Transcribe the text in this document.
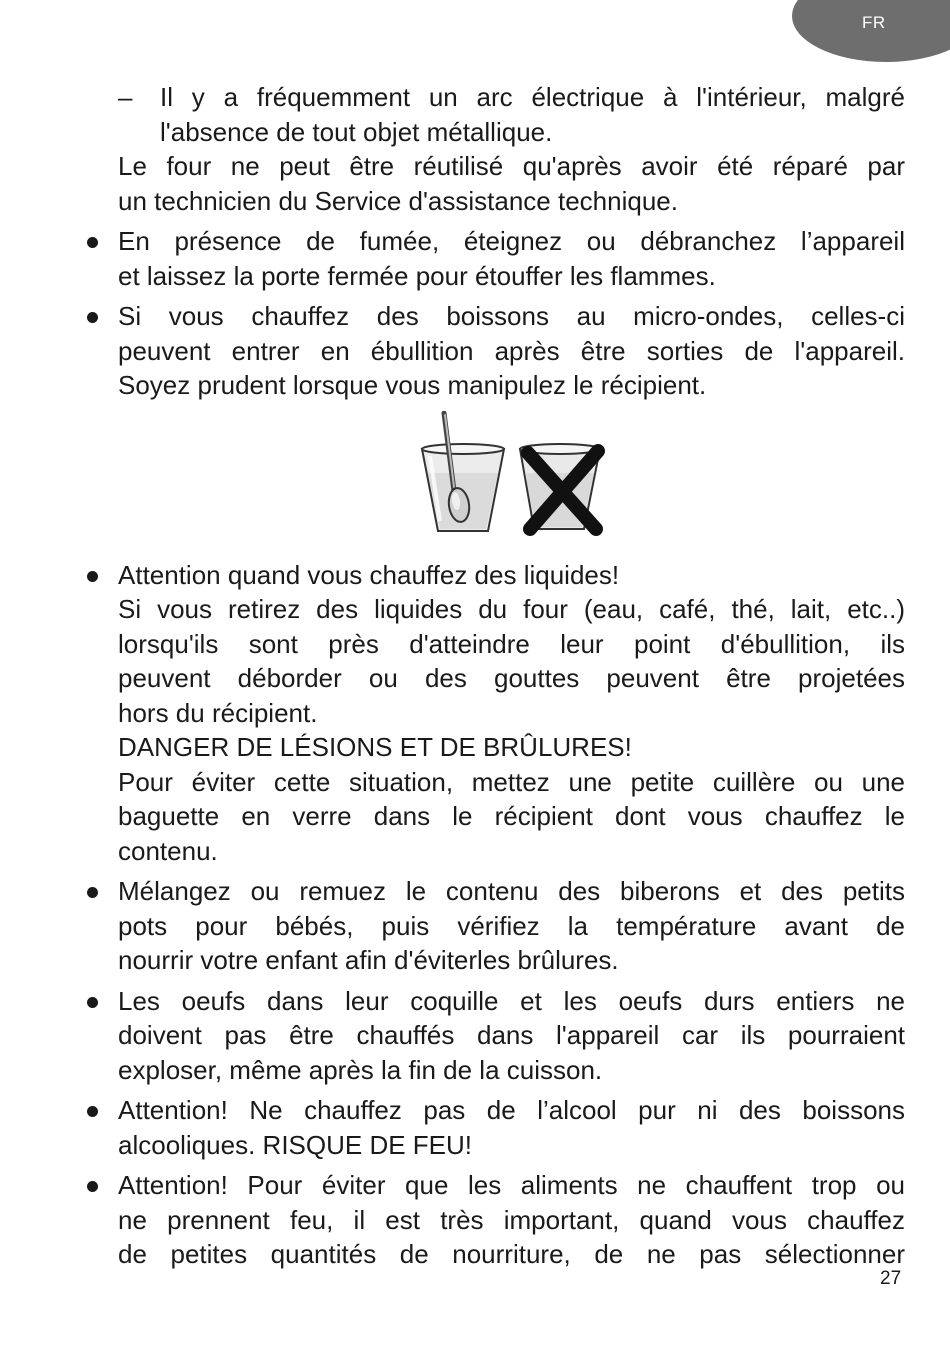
FR
–	Il y a fréquemment un arc électrique à l'intérieur, malgré
l'absence de tout objet métallique.
Le four ne peut être réutilisé qu'après avoir été réparé par
un technicien du Service d'assistance technique.
En présence de fumée, éteignez ou débranchez l’appareil
et laissez la porte fermée pour étouffer les flammes.
Si vous chauffez des boissons au micro-ondes, celles-ci
peuvent entrer en ébullition après être sorties de l'appareil.
Soyez prudent lorsque vous manipulez le récipient.
Attention quand vous chauffez des liquides!
Si vous retirez des liquides du four (eau, café, thé, lait, etc..)
lorsqu'ils sont près d'atteindre leur point d'ébullition, ils
peuvent déborder ou des gouttes peuvent être projetées
hors du récipient.
DANGER DE LÉSIONS ET DE BRÛLURES!
Pour éviter cette situation, mettez une petite cuillère ou une
baguette en verre dans le récipient dont vous chauffez le
contenu.
Mélangez ou remuez le contenu des biberons et des petits
pots pour bébés, puis vérifiez la température avant de
nourrir votre enfant afin d'éviterles brûlures.
Les oeufs dans leur coquille et les oeufs durs entiers ne
doivent pas être chauffés dans l'appareil car ils pourraient
exploser, même après la fin de la cuisson.
Attention! Ne chauffez pas de l’alcool pur ni des boissons
alcooliques. RISQUE DE FEU!
Attention! Pour éviter que les aliments ne chauffent trop ou
ne prennent feu, il est très important, quand vous chauffez
de petites quantités de nourriture, de ne pas sélectionner
27
